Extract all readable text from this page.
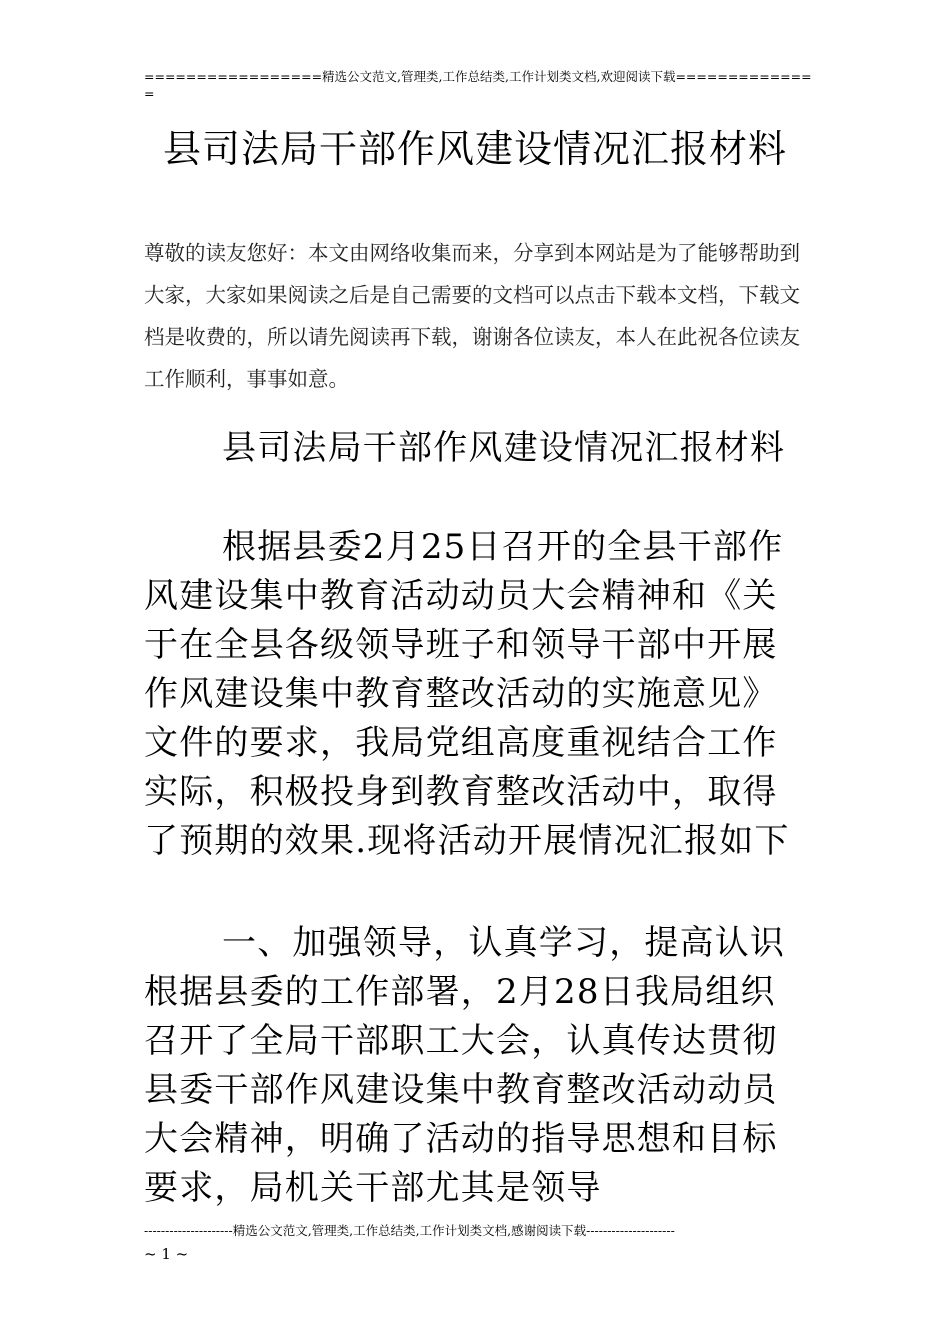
=================精选公文范文,管理类,工作总结类,工作计划类文档,欢迎阅读下载==============
县司法局干部作风建设情况汇报材料
尊敬的读友您好：本文由网络收集而来，分享到本网站是为了能够帮助到大家，大家如果阅读之后是自己需要的文档可以点击下载本文档，下载文档是收费的，所以请先阅读再下载，谢谢各位读友，本人在此祝各位读友工作顺利，事事如意。
县司法局干部作风建设情况汇报材料
根据县委2月25日召开的全县干部作风建设集中教育活动动员大会精神和《关于在全县各级领导班子和领导干部中开展作风建设集中教育整改活动的实施意见》文件的要求，我局党组高度重视结合工作实际，积极投身到教育整改活动中，取得了预期的效果.现将活动开展情况汇报如下
一、加强领导，认真学习，提高认识根据县委的工作部署，2月28日我局组织召开了全局干部职工大会，认真传达贯彻县委干部作风建设集中教育整改活动动员大会精神，明确了活动的指导思想和目标要求，局机关干部尤其是领导
---------------------精选公文范文,管理类,工作总结类,工作计划类文档,感谢阅读下载---------------------
~ 1 ~
